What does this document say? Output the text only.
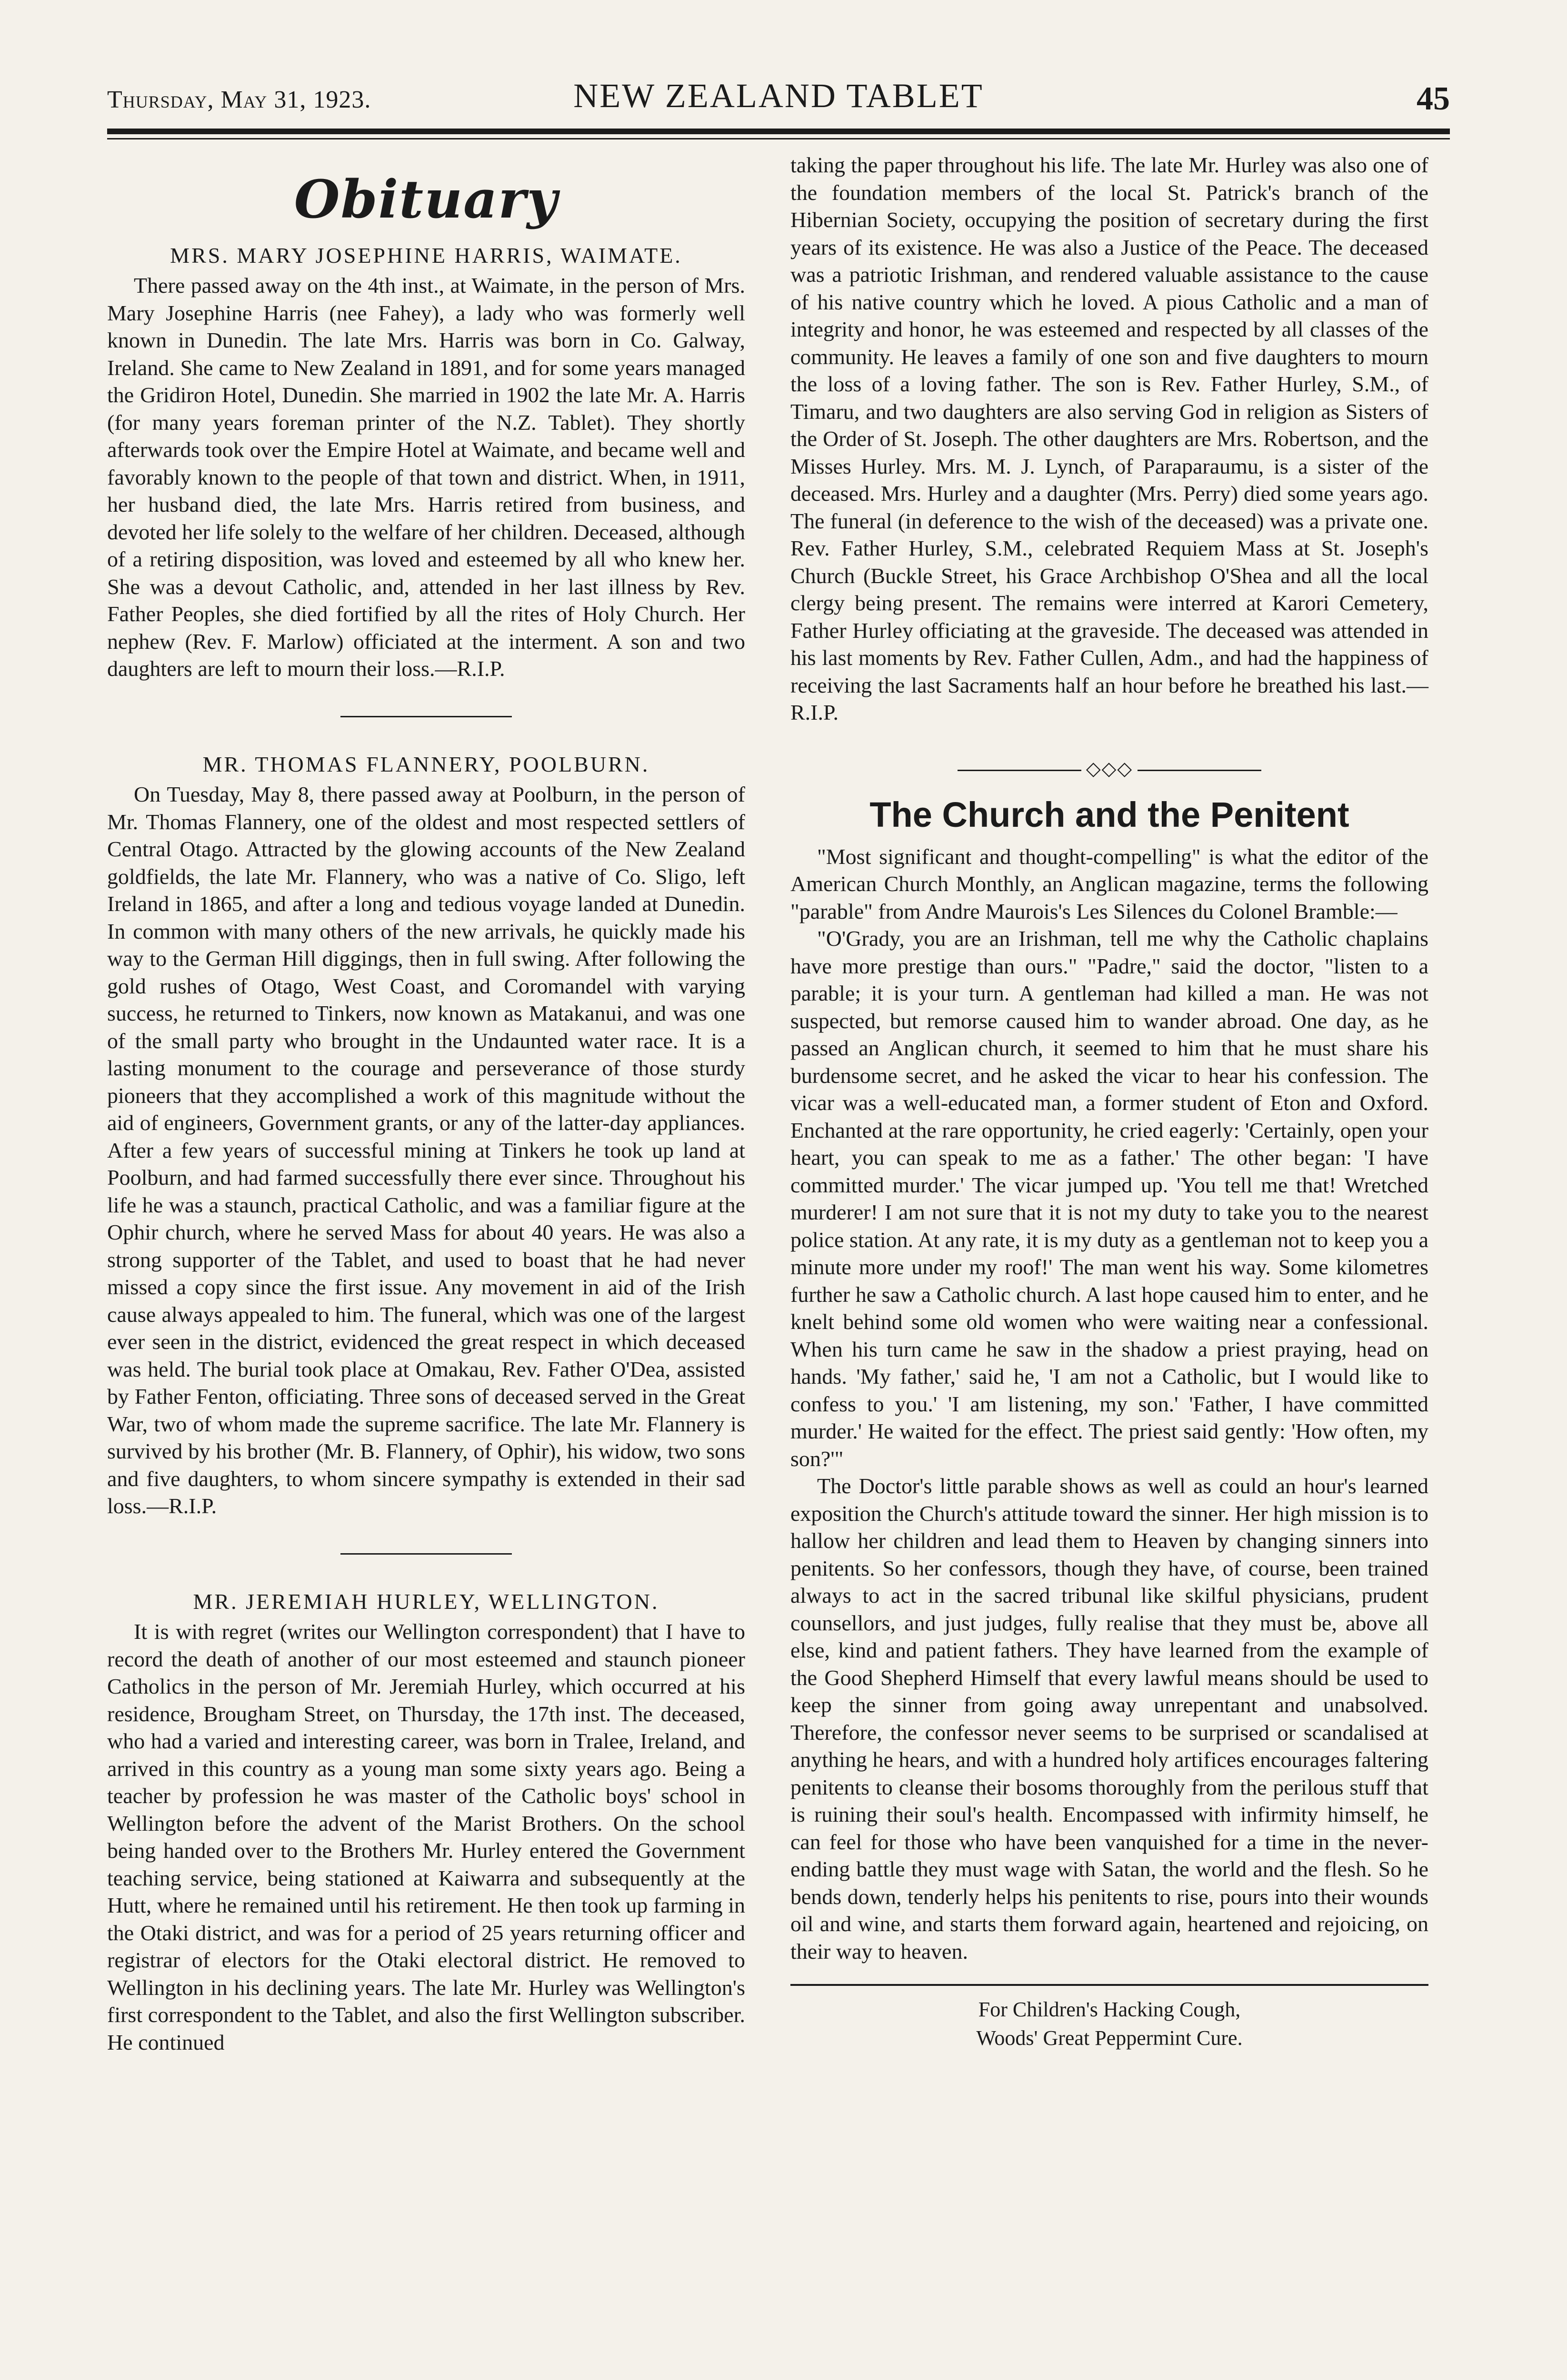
Thursday, May 31, 1923.	NEW ZEALAND TABLET	45
Obituary
MRS. MARY JOSEPHINE HARRIS, WAIMATE.

There passed away on the 4th inst., at Waimate, in the person of Mrs. Mary Josephine Harris (nee Fahey), a lady who was formerly well known in Dunedin. The late Mrs. Harris was born in Co. Galway, Ireland. She came to New Zealand in 1891, and for some years managed the Gridiron Hotel, Dunedin. She married in 1902 the late Mr. A. Harris (for many years foreman printer of the N.Z. Tablet). They shortly afterwards took over the Empire Hotel at Waimate, and became well and favorably known to the people of that town and district. When, in 1911, her husband died, the late Mrs. Harris retired from business, and devoted her life solely to the welfare of her children. Deceased, although of a retiring disposition, was loved and esteemed by all who knew her. She was a devout Catholic, and, attended in her last illness by Rev. Father Peoples, she died fortified by all the rites of Holy Church. Her nephew (Rev. F. Marlow) officiated at the interment. A son and two daughters are left to mourn their loss.—R.I.P.

MR. THOMAS FLANNERY, POOLBURN.

On Tuesday, May 8, there passed away at Poolburn, in the person of Mr. Thomas Flannery, one of the oldest and most respected settlers of Central Otago. Attracted by the glowing accounts of the New Zealand goldfields, the late Mr. Flannery, who was a native of Co. Sligo, left Ireland in 1865, and after a long and tedious voyage landed at Dunedin. In common with many others of the new arrivals, he quickly made his way to the German Hill diggings, then in full swing. After following the gold rushes of Otago, West Coast, and Coromandel with varying success, he returned to Tinkers, now known as Matakanui, and was one of the small party who brought in the Undaunted water race. It is a lasting monument to the courage and perseverance of those sturdy pioneers that they accomplished a work of this magnitude without the aid of engineers, Government grants, or any of the latter-day appliances. After a few years of successful mining at Tinkers he took up land at Poolburn, and had farmed successfully there ever since. Throughout his life he was a staunch, practical Catholic, and was a familiar figure at the Ophir church, where he served Mass for about 40 years. He was also a strong supporter of the Tablet, and used to boast that he had never missed a copy since the first issue. Any movement in aid of the Irish cause always appealed to him. The funeral, which was one of the largest ever seen in the district, evidenced the great respect in which deceased was held. The burial took place at Omakau, Rev. Father O'Dea, assisted by Father Fenton, officiating. Three sons of deceased served in the Great War, two of whom made the supreme sacrifice. The late Mr. Flannery is survived by his brother (Mr. B. Flannery, of Ophir), his widow, two sons and five daughters, to whom sincere sympathy is extended in their sad loss.—R.I.P.

MR. JEREMIAH HURLEY, WELLINGTON.

It is with regret (writes our Wellington correspondent) that I have to record the death of another of our most esteemed and staunch pioneer Catholics in the person of Mr. Jeremiah Hurley, which occurred at his residence, Brougham Street, on Thursday, the 17th inst. The deceased, who had a varied and interesting career, was born in Tralee, Ireland, and arrived in this country as a young man some sixty years ago. Being a teacher by profession he was master of the Catholic boys' school in Wellington before the advent of the Marist Brothers. On the school being handed over to the Brothers Mr. Hurley entered the Government teaching service, being stationed at Kaiwarra and subsequently at the Hutt, where he remained until his retirement. He then took up farming in the Otaki district, and was for a period of 25 years returning officer and registrar of electors for the Otaki electoral district. He removed to Wellington in his declining years. The late Mr. Hurley was Wellington's first correspondent to the Tablet, and also the first Wellington subscriber. He continued

taking the paper throughout his life. The late Mr. Hurley was also one of the foundation members of the local St. Patrick's branch of the Hibernian Society, occupying the position of secretary during the first years of its existence. He was also a Justice of the Peace. The deceased was a patriotic Irishman, and rendered valuable assistance to the cause of his native country which he loved. A pious Catholic and a man of integrity and honor, he was esteemed and respected by all classes of the community. He leaves a family of one son and five daughters to mourn the loss of a loving father. The son is Rev. Father Hurley, S.M., of Timaru, and two daughters are also serving God in religion as Sisters of the Order of St. Joseph. The other daughters are Mrs. Robertson, and the Misses Hurley. Mrs. M. J. Lynch, of Paraparaumu, is a sister of the deceased. Mrs. Hurley and a daughter (Mrs. Perry) died some years ago. The funeral (in deference to the wish of the deceased) was a private one. Rev. Father Hurley, S.M., celebrated Requiem Mass at St. Joseph's Church (Buckle Street, his Grace Archbishop O'Shea and all the local clergy being present. The remains were interred at Karori Cemetery, Father Hurley officiating at the graveside. The deceased was attended in his last moments by Rev. Father Cullen, Adm., and had the happiness of receiving the last Sacraments half an hour before he breathed his last.—R.I.P.

◇◇◇
The Church and the Penitent

"Most significant and thought-compelling" is what the editor of the American Church Monthly, an Anglican magazine, terms the following "parable" from Andre Maurois's Les Silences du Colonel Bramble:—

"O'Grady, you are an Irishman, tell me why the Catholic chaplains have more prestige than ours." "Padre," said the doctor, "listen to a parable; it is your turn. A gentleman had killed a man. He was not suspected, but remorse caused him to wander abroad. One day, as he passed an Anglican church, it seemed to him that he must share his burdensome secret, and he asked the vicar to hear his confession. The vicar was a well-educated man, a former student of Eton and Oxford. Enchanted at the rare opportunity, he cried eagerly: 'Certainly, open your heart, you can speak to me as a father.' The other began: 'I have committed murder.' The vicar jumped up. 'You tell me that! Wretched murderer! I am not sure that it is not my duty to take you to the nearest police station. At any rate, it is my duty as a gentleman not to keep you a minute more under my roof!' The man went his way. Some kilometres further he saw a Catholic church. A last hope caused him to enter, and he knelt behind some old women who were waiting near a confessional. When his turn came he saw in the shadow a priest praying, head on hands. 'My father,' said he, 'I am not a Catholic, but I would like to confess to you.' 'I am listening, my son.' 'Father, I have committed murder.' He waited for the effect. The priest said gently: 'How often, my son?'"

The Doctor's little parable shows as well as could an hour's learned exposition the Church's attitude toward the sinner. Her high mission is to hallow her children and lead them to Heaven by changing sinners into penitents. So her confessors, though they have, of course, been trained always to act in the sacred tribunal like skilful physicians, prudent counsellors, and just judges, fully realise that they must be, above all else, kind and patient fathers. They have learned from the example of the Good Shepherd Himself that every lawful means should be used to keep the sinner from going away unrepentant and unabsolved. Therefore, the confessor never seems to be surprised or scandalised at anything he hears, and with a hundred holy artifices encourages faltering penitents to cleanse their bosoms thoroughly from the perilous stuff that is ruining their soul's health. Encompassed with infirmity himself, he can feel for those who have been vanquished for a time in the never-ending battle they must wage with Satan, the world and the flesh. So he bends down, tenderly helps his penitents to rise, pours into their wounds oil and wine, and starts them forward again, heartened and rejoicing, on their way to heaven.

For Children's Hacking Cough,
Woods' Great Peppermint Cure.
